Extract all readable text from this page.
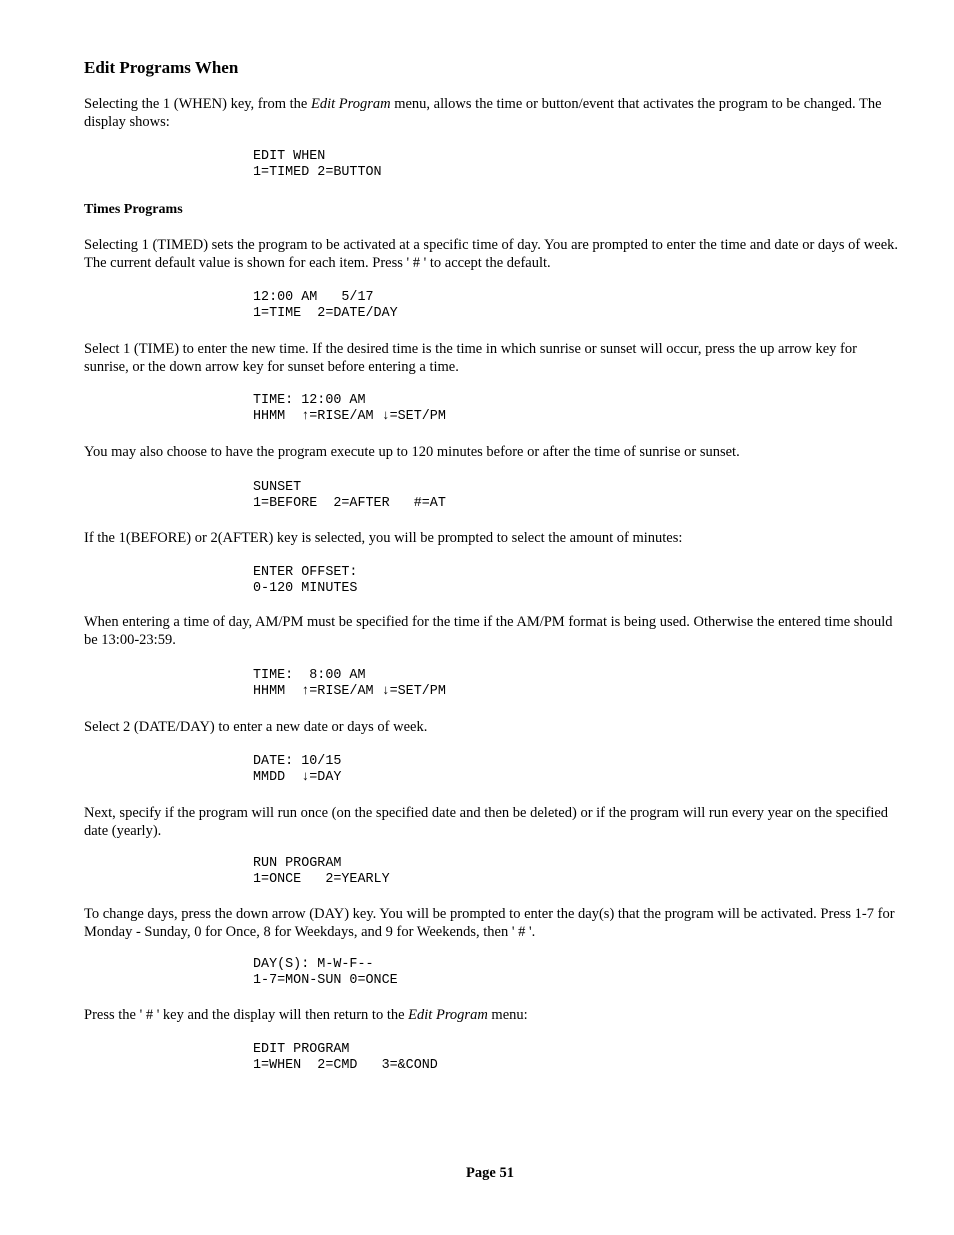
Edit Programs When

Selecting the 1 (WHEN) key, from the Edit Program menu, allows the time or button/event that activates the program to be changed. The display shows:

EDIT WHEN
1=TIMED 2=BUTTON
Times Programs

Selecting 1 (TIMED) sets the program to be activated at a specific time of day. You are prompted to enter the time and date or days of week. The current default value is shown for each item. Press ' # ' to accept the default.

12:00 AM   5/17
1=TIME  2=DATE/DAY

Select 1 (TIME) to enter the new time. If the desired time is the time in which sunrise or sunset will occur, press the up arrow key for sunrise, or the down arrow key for sunset before entering a time.

TIME: 12:00 AM
HHMM  ↑=RISE/AM ↓=SET/PM

You may also choose to have the program execute up to 120 minutes before or after the time of sunrise or sunset.

SUNSET
1=BEFORE  2=AFTER   #=AT

If the 1(BEFORE) or 2(AFTER) key is selected, you will be prompted to select the amount of minutes:

ENTER OFFSET:
0-120 MINUTES

When entering a time of day, AM/PM must be specified for the time if the AM/PM format is being used. Otherwise the entered time should be 13:00-23:59.

TIME:  8:00 AM
HHMM  ↑=RISE/AM ↓=SET/PM

Select 2 (DATE/DAY) to enter a new date or days of week.

DATE: 10/15
MMDD  ↓=DAY

Next, specify if the program will run once (on the specified date and then be deleted) or if the program will run every year on the specified date (yearly).

RUN PROGRAM
1=ONCE   2=YEARLY

To change days, press the down arrow (DAY) key. You will be prompted to enter the day(s) that the program will be activated. Press 1-7 for Monday - Sunday, 0 for Once, 8 for Weekdays, and 9 for Weekends, then ' # '.

DAY(S): M-W-F--
1-7=MON-SUN 0=ONCE

Press the ' # ' key and the display will then return to the Edit Program menu:

EDIT PROGRAM
1=WHEN  2=CMD   3=&COND
Page 51
